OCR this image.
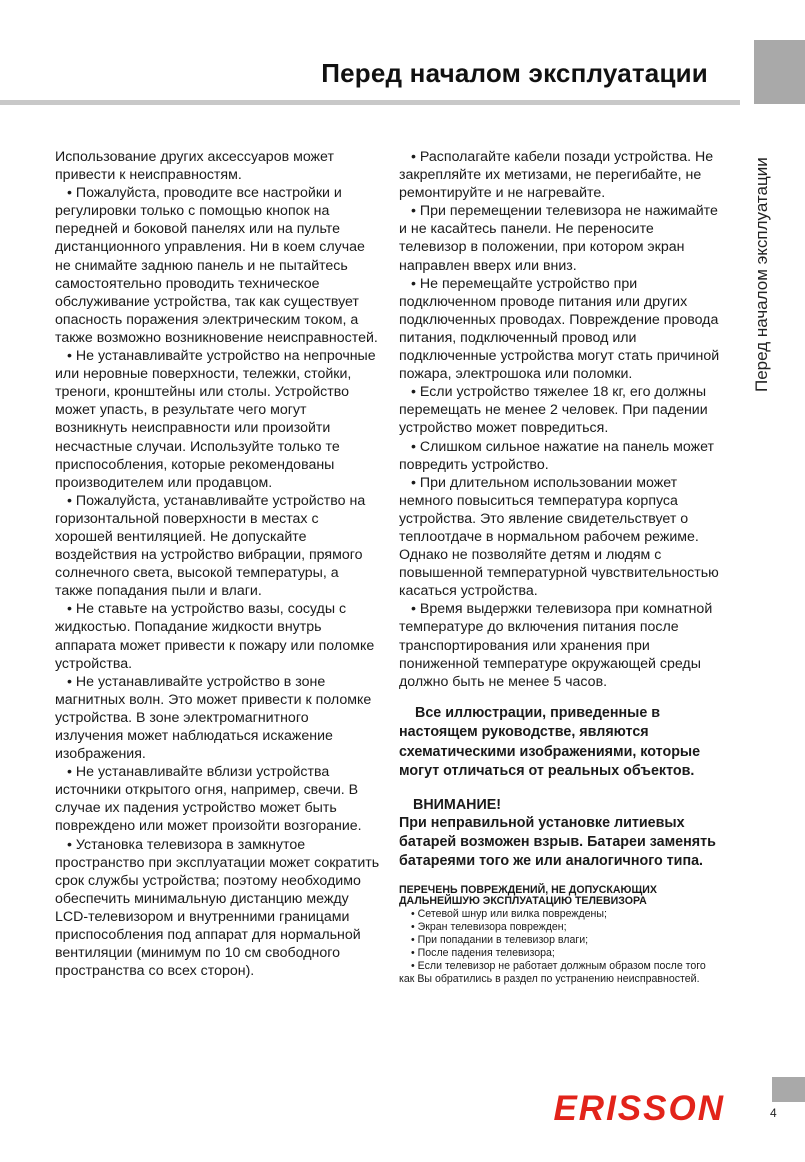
Перед началом эксплуатации
Перед началом эксплуатации

Использование других аксессуаров может привести к неисправностям.

• Пожалуйста, проводите все настройки и регулировки только с помощью кнопок на передней и боковой панелях или на пульте дистанционного управления. Ни в коем случае не снимайте заднюю панель и не пытайтесь самостоятельно проводить техническое обслуживание устройства, так как существует опасность поражения электрическим током, а также возможно возникновение неисправностей.

• Не устанавливайте устройство на непрочные или неровные поверхности, тележки, стойки, треноги, кронштейны или столы. Устройство может упасть, в результате чего могут возникнуть неисправности или произойти несчастные случаи. Используйте только те приспособления, которые рекомендованы производителем или продавцом.

• Пожалуйста, устанавливайте устройство на горизонтальной поверхности в местах с хорошей вентиляцией. Не допускайте воздействия на устройство вибрации, прямого солнечного света, высокой температуры, а также попадания пыли и влаги.

• Не ставьте на устройство вазы, сосуды с жидкостью. Попадание жидкости внутрь аппарата может привести к пожару или поломке устройства.

• Не устанавливайте устройство в зоне магнитных волн. Это может привести к поломке устройства. В зоне электромагнитного излучения может наблюдаться искажение изображения.

• Не устанавливайте вблизи устройства источники открытого огня, например, свечи. В случае их падения устройство может быть повреждено или может произойти возгорание.

• Установка телевизора в замкнутое пространство при эксплуатации может сократить срок службы устройства; поэтому необходимо обеспечить минимальную дистанцию между LCD-телевизором и внутренними границами приспособления под аппарат для нормальной вентиляции (минимум по 10 см свободного пространства со всех сторон).

• Располагайте кабели позади устройства. Не закрепляйте их метизами, не перегибайте, не ремонтируйте и не нагревайте.

• При перемещении телевизора не нажимайте и не касайтесь панели. Не переносите телевизор в положении, при котором экран направлен вверх или вниз.

• Не перемещайте устройство при подключенном проводе питания или других подключенных проводах. Повреждение провода питания, подключенный провод или подключенные устройства могут стать причиной пожара, электрошока или поломки.

• Если устройство тяжелее 18 кг, его должны перемещать не менее 2 человек. При падении устройство может повредиться.

• Слишком сильное нажатие на панель может повредить устройство.

• При длительном использовании может немного повыситься температура корпуса устройства. Это явление свидетельствует о теплоотдаче в нормальном рабочем режиме. Однако не позволяйте детям и людям с повышенной температурной чувствительностью касаться устройства.

• Время выдержки телевизора при комнатной температуре до включения питания после транспортирования или хранения при пониженной температуре окружающей среды должно быть не менее 5 часов.

Все иллюстрации, приведенные в настоящем руководстве, являются схематическими изображениями, которые могут отличаться от реальных объектов.

ВНИМАНИЕ!

При неправильной установке литиевых батарей возможен взрыв. Батареи заменять батареями того же или аналогичного типа.

ПЕРЕЧЕНЬ ПОВРЕЖДЕНИЙ, НЕ ДОПУСКАЮЩИХ ДАЛЬНЕЙШУЮ ЭКСПЛУАТАЦИЮ ТЕЛЕВИЗОРА

• Сетевой шнур или вилка повреждены;
• Экран телевизора поврежден;
• При попадании в телевизор влаги;
• После падения телевизора;
• Если телевизор не работает должным образом после того как Вы обратились в раздел по устранению неисправностей.
ERISSON	4
